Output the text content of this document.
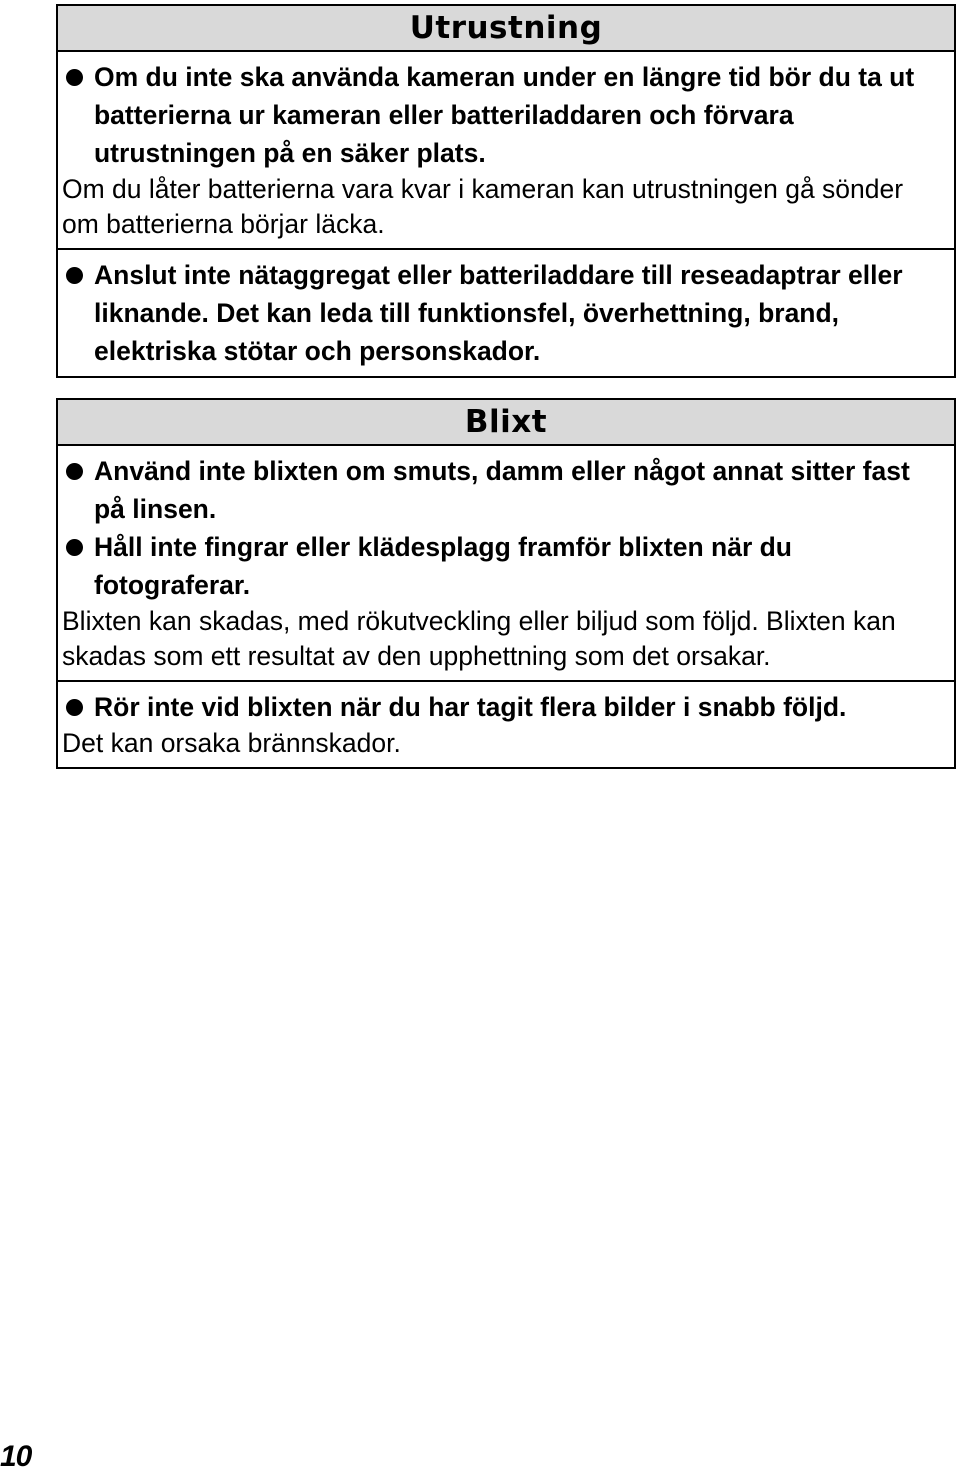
Utrustning
Om du inte ska använda kameran under en längre tid bör du ta ut batterierna ur kameran eller batteriladdaren och förvara utrustningen på en säker plats.
Om du låter batterierna vara kvar i kameran kan utrustningen gå sönder om batterierna börjar läcka.
Anslut inte nätaggregat eller batteriladdare till reseadaptrar eller liknande. Det kan leda till funktionsfel, överhettning, brand, elektriska stötar och personskador.
Blixt
Använd inte blixten om smuts, damm eller något annat sitter fast på linsen.
Håll inte fingrar eller klädesplagg framför blixten när du fotograferar.
Blixten kan skadas, med rökutveckling eller biljud som följd. Blixten kan skadas som ett resultat av den upphettning som det orsakar.
Rör inte vid blixten när du har tagit flera bilder i snabb följd.
Det kan orsaka brännskador.
10
